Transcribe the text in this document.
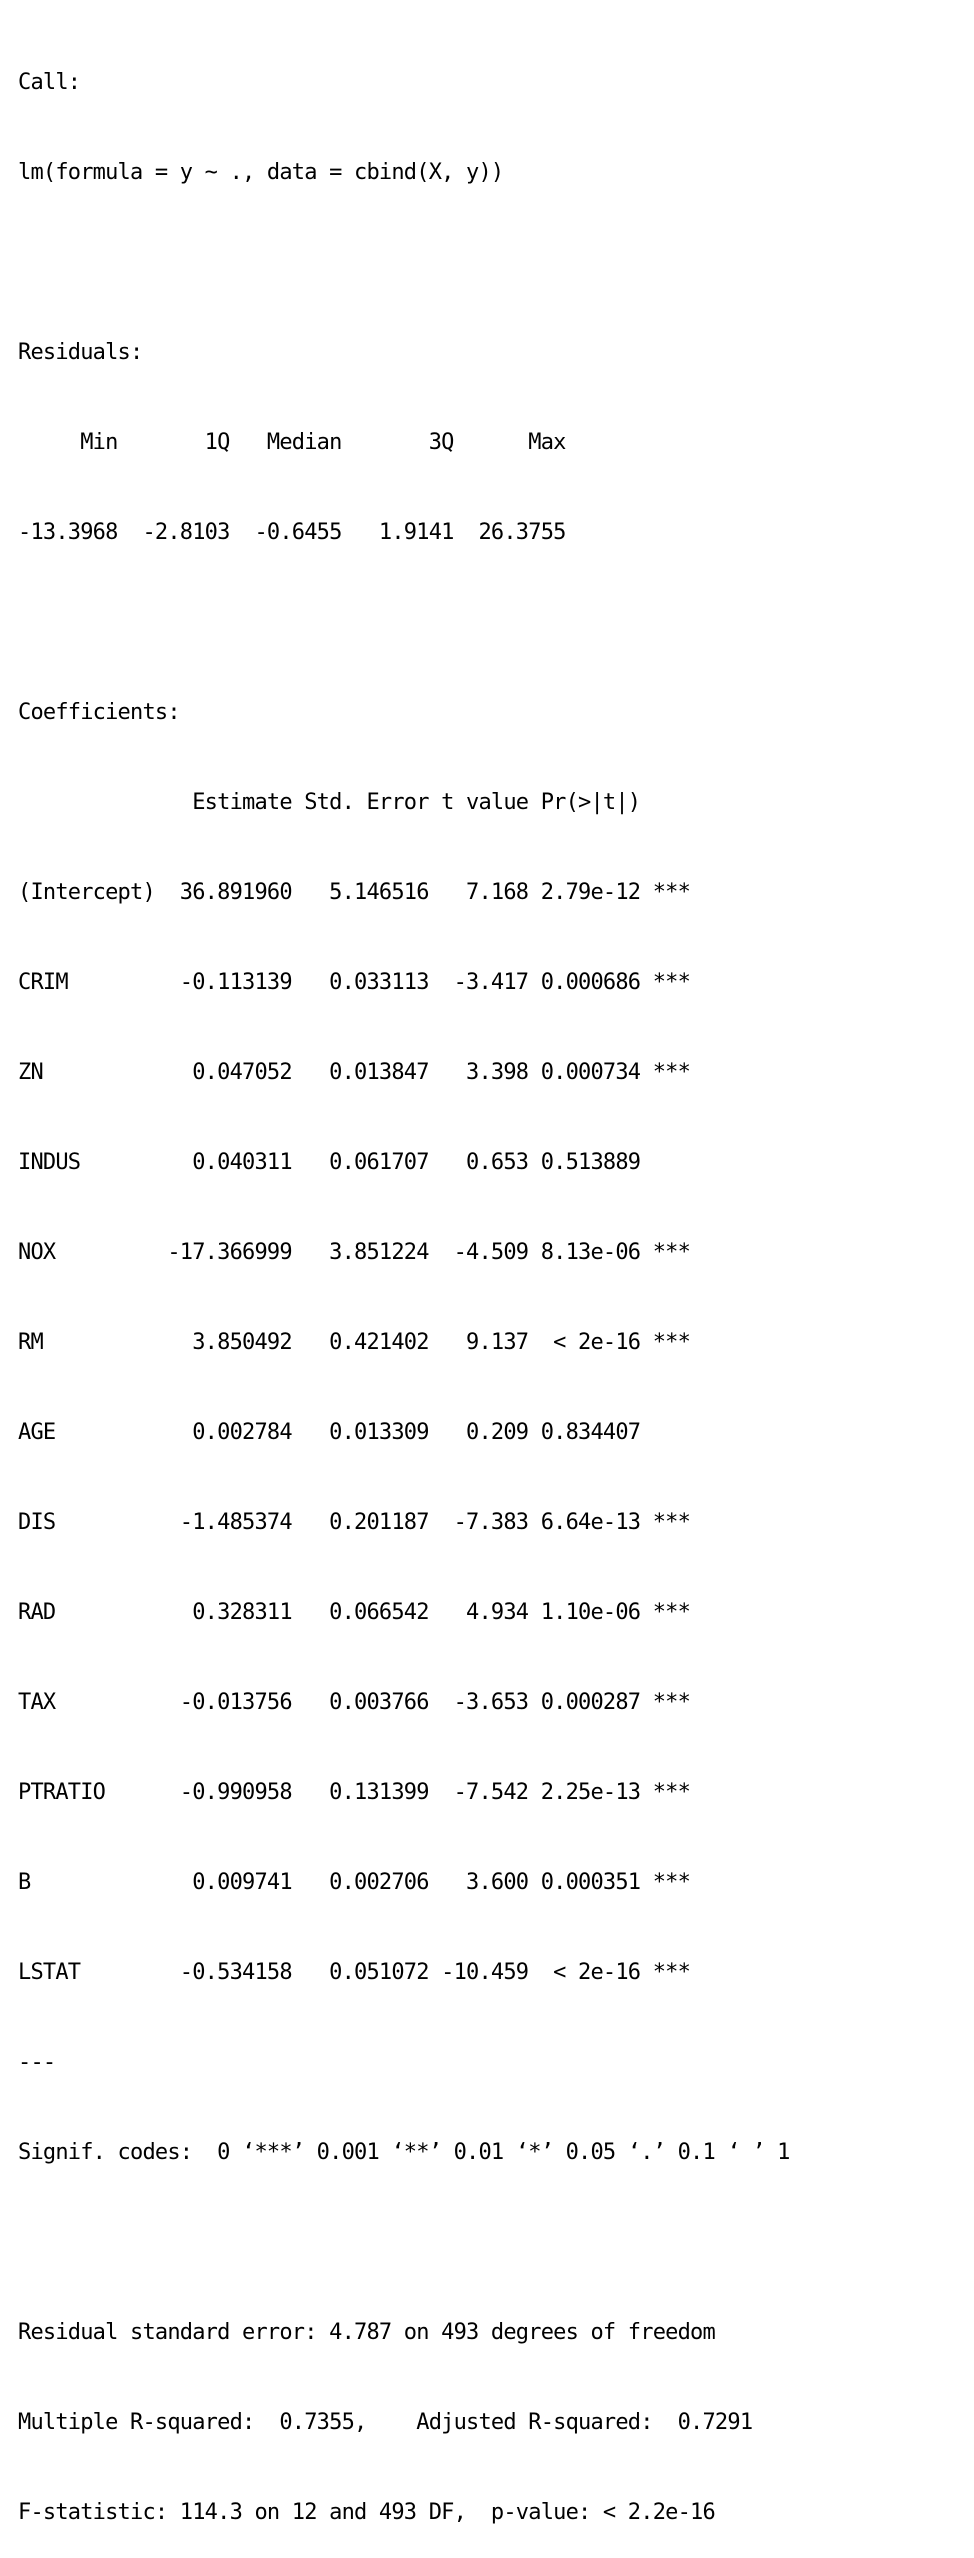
Call:

lm(formula = y ~ ., data = cbind(X, y))

Residuals:

Min       1Q   Median       3Q      Max

-13.3968  -2.8103  -0.6455   1.9141  26.3755

Coefficients:

Estimate Std. Error t value Pr(>|t|)

(Intercept)  36.891960   5.146516   7.168 2.79e-12 ***

CRIM         -0.113139   0.033113  -3.417 0.000686 ***

ZN            0.047052   0.013847   3.398 0.000734 ***

INDUS         0.040311   0.061707   0.653 0.513889

NOX         -17.366999   3.851224  -4.509 8.13e-06 ***

RM            3.850492   0.421402   9.137  < 2e-16 ***

AGE           0.002784   0.013309   0.209 0.834407

DIS          -1.485374   0.201187  -7.383 6.64e-13 ***

RAD           0.328311   0.066542   4.934 1.10e-06 ***

TAX          -0.013756   0.003766  -3.653 0.000287 ***

PTRATIO      -0.990958   0.131399  -7.542 2.25e-13 ***

B             0.009741   0.002706   3.600 0.000351 ***

LSTAT        -0.534158   0.051072 -10.459  < 2e-16 ***

---

Signif. codes:  0 ‘***’ 0.001 ‘**’ 0.01 ‘*’ 0.05 ‘.’ 0.1 ‘ ’ 1

Residual standard error: 4.787 on 493 degrees of freedom

Multiple R-squared:  0.7355,    Adjusted R-squared:  0.7291

F-statistic: 114.3 on 12 and 493 DF,  p-value: < 2.2e-16
